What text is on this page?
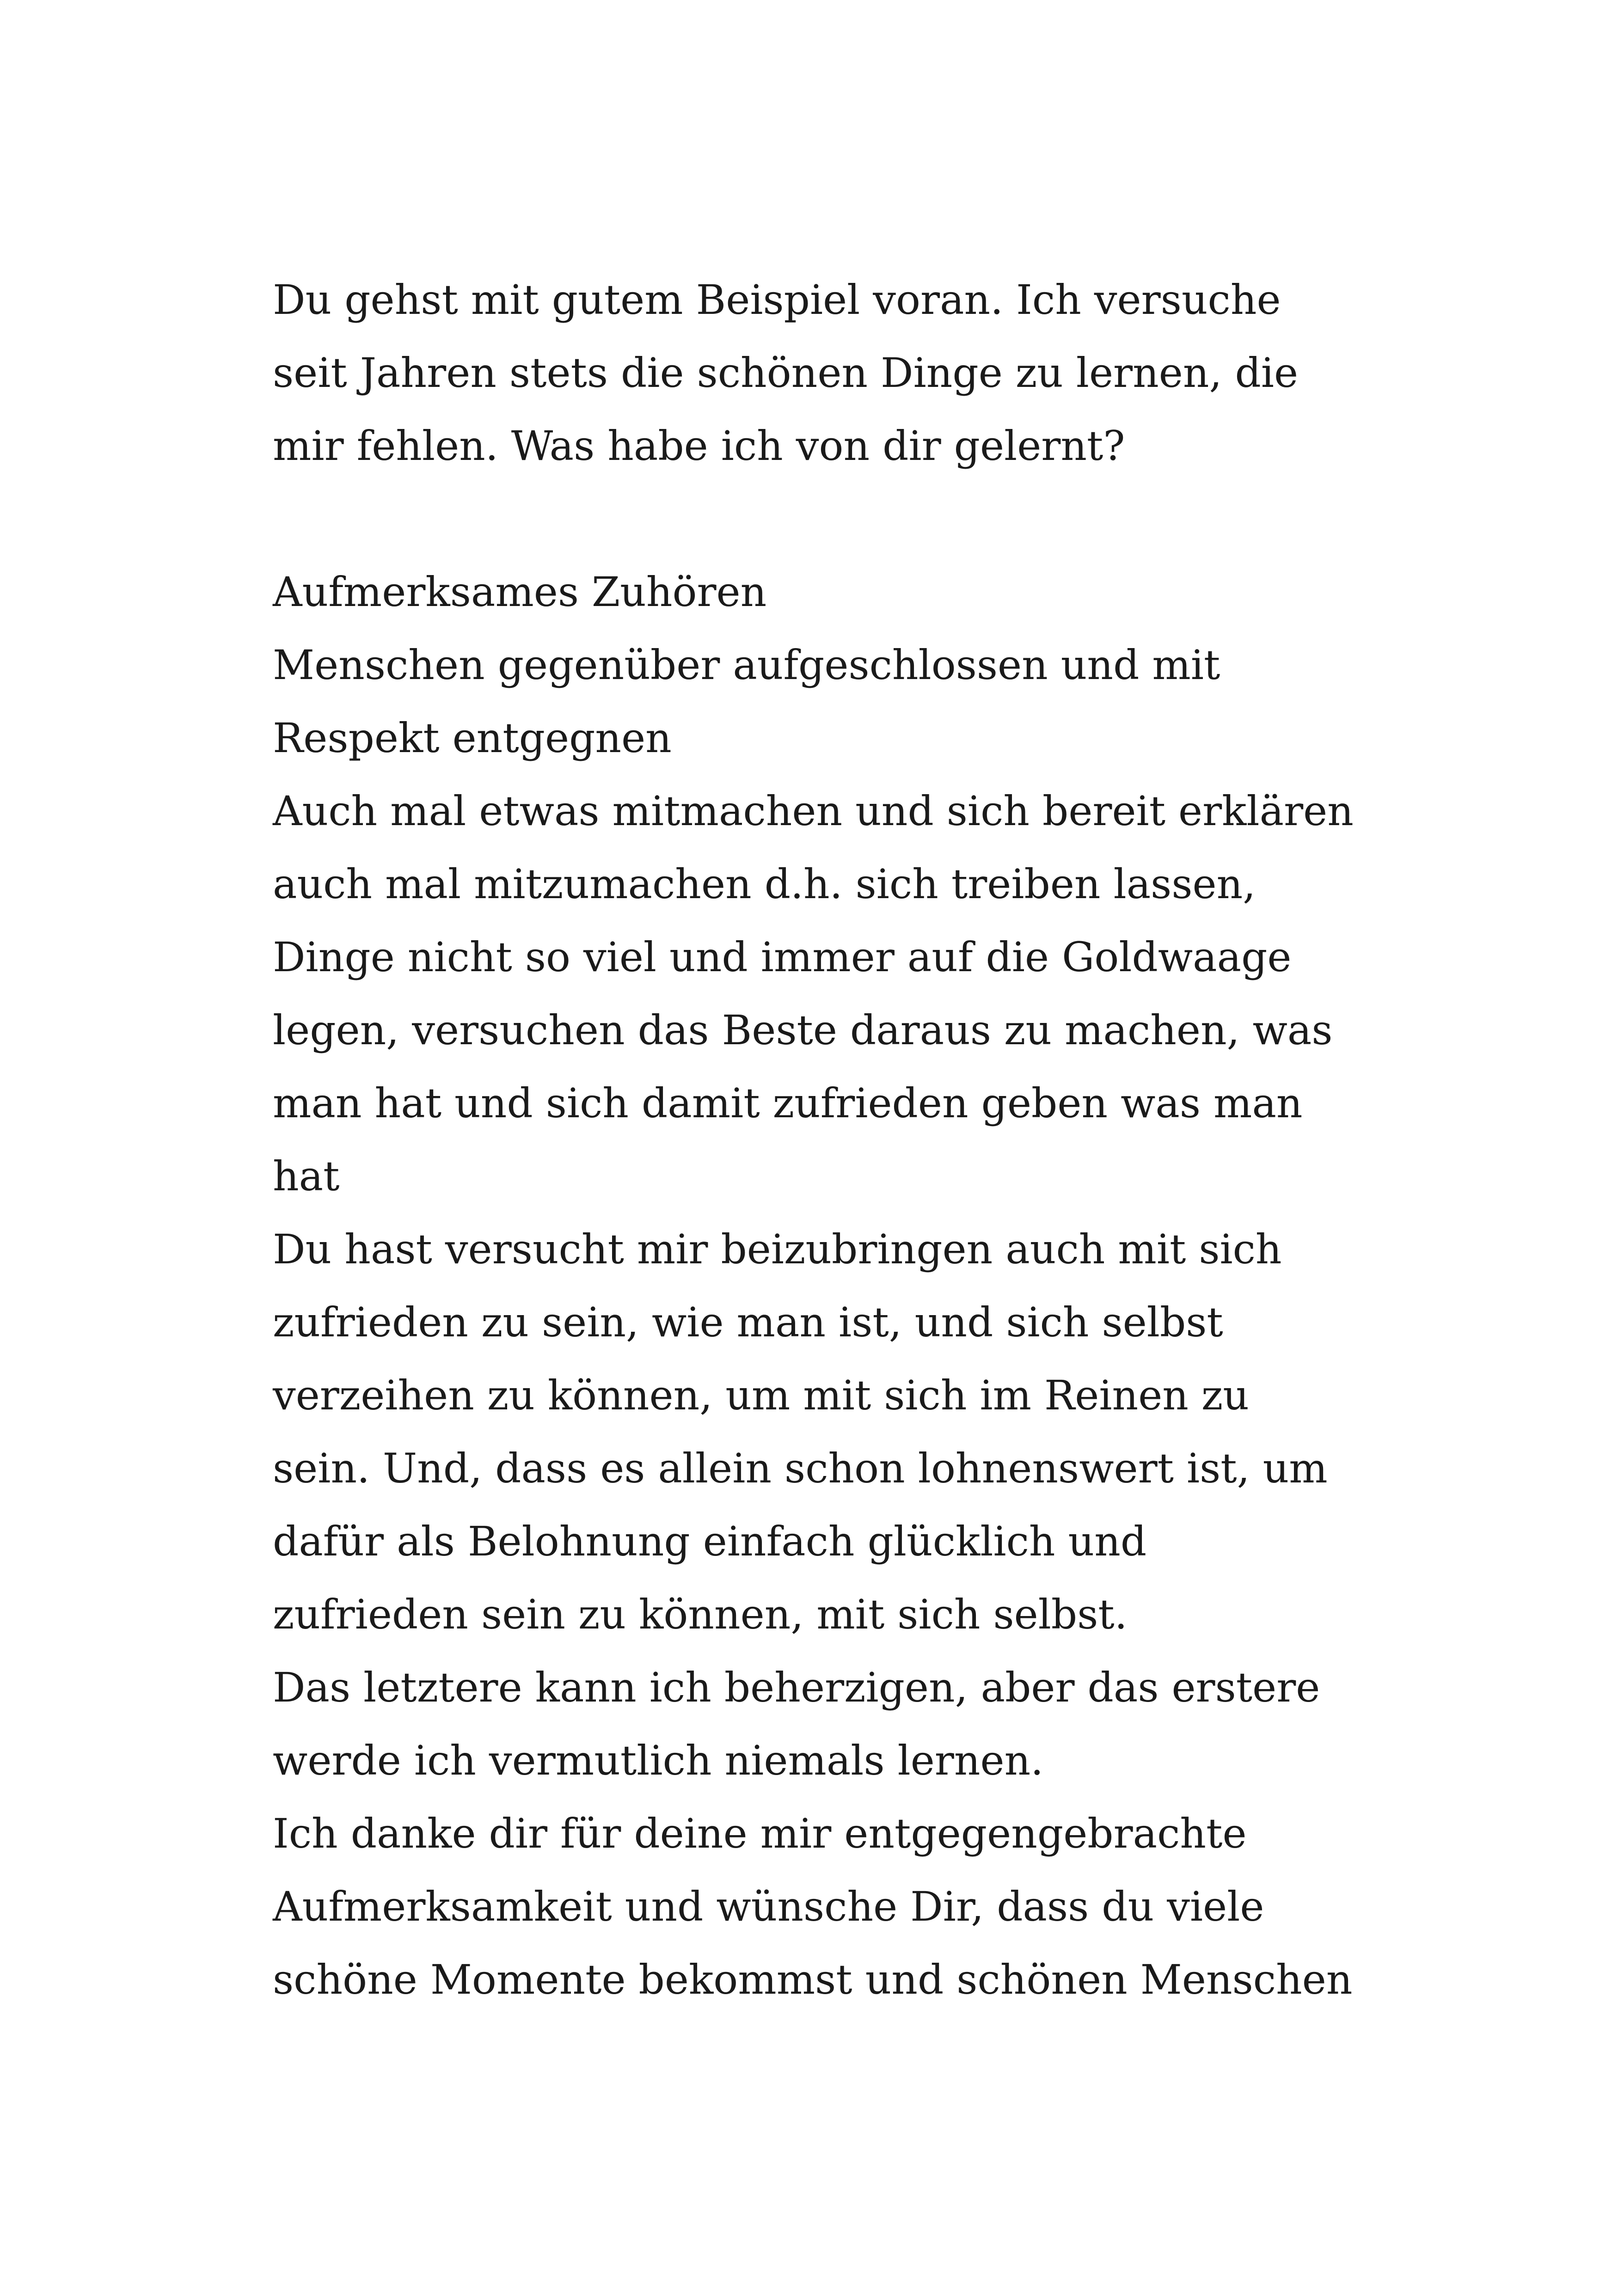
Du gehst mit gutem Beispiel voran. Ich versuche
seit Jahren stets die schönen Dinge zu lernen, die
mir fehlen. Was habe ich von dir gelernt?
Aufmerksames Zuhören
Menschen gegenüber aufgeschlossen und mit
Respekt entgegnen
Auch mal etwas mitmachen und sich bereit erklären
auch mal mitzumachen d.h. sich treiben lassen,
Dinge nicht so viel und immer auf die Goldwaage
legen, versuchen das Beste daraus zu machen, was
man hat und sich damit zufrieden geben was man
hat
Du hast versucht mir beizubringen auch mit sich
zufrieden zu sein, wie man ist, und sich selbst
verzeihen zu können, um mit sich im Reinen zu
sein. Und, dass es allein schon lohnenswert ist, um
dafür als Belohnung einfach glücklich und
zufrieden sein zu können, mit sich selbst.
Das letztere kann ich beherzigen, aber das erstere
werde ich vermutlich niemals lernen.
Ich danke dir für deine mir entgegengebrachte
Aufmerksamkeit und wünsche Dir, dass du viele
schöne Momente bekommst und schönen Menschen
